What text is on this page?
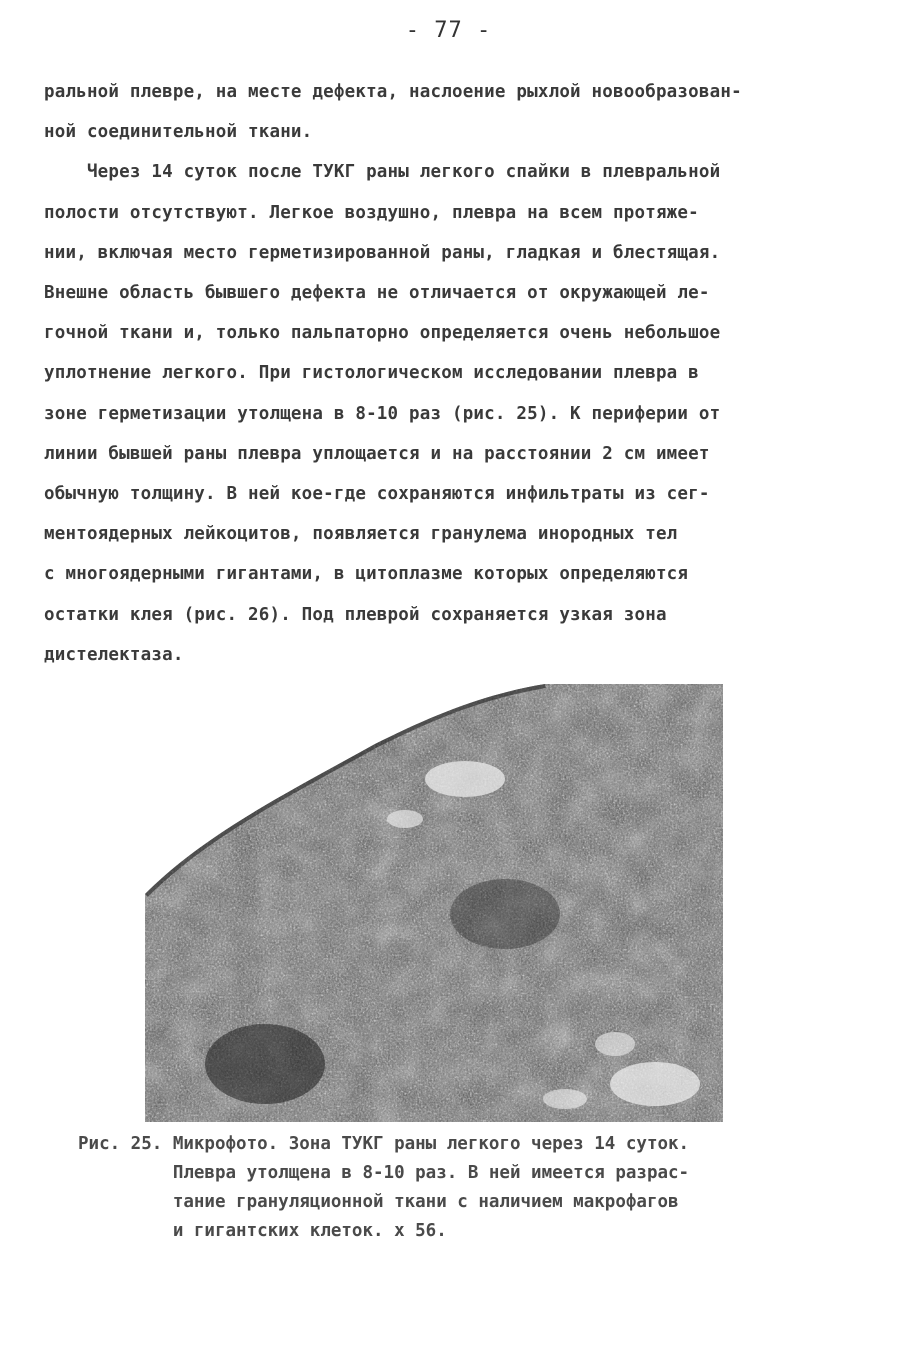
- 77 -
ральной плевре, на месте дефекта, наслоение рыхлой новообразован-
ной соединительной ткани.
Через 14 суток после ТУКГ раны легкого спайки в плевральной
полости отсутствуют. Легкое воздушно, плевра на всем протяже-
нии, включая место герметизированной раны, гладкая и блестящая.
Внешне область бывшего дефекта не отличается от окружающей ле-
гочной ткани и, только пальпаторно определяется очень небольшое
уплотнение легкого. При гистологическом исследовании плевра в
зоне герметизации утолщена в 8-10 раз (рис. 25). К периферии от
линии бывшей раны плевра уплощается и на расстоянии 2 см имеет
обычную толщину. В ней кое-где сохраняются инфильтраты из сег-
ментоядерных лейкоцитов, появляется гранулема инородных тел
с многоядерными гигантами, в цитоплазме которых определяются
остатки клея (рис. 26). Под плеврой сохраняется узкая зона
дистелектаза.
Рис. 25. Микрофото. Зона ТУКГ раны легкого через 14 суток.
Плевра утолщена в 8-10 раз. В ней имеется разрас-
тание грануляционной ткани с наличием макрофагов
и гигантских клеток. х 56.
